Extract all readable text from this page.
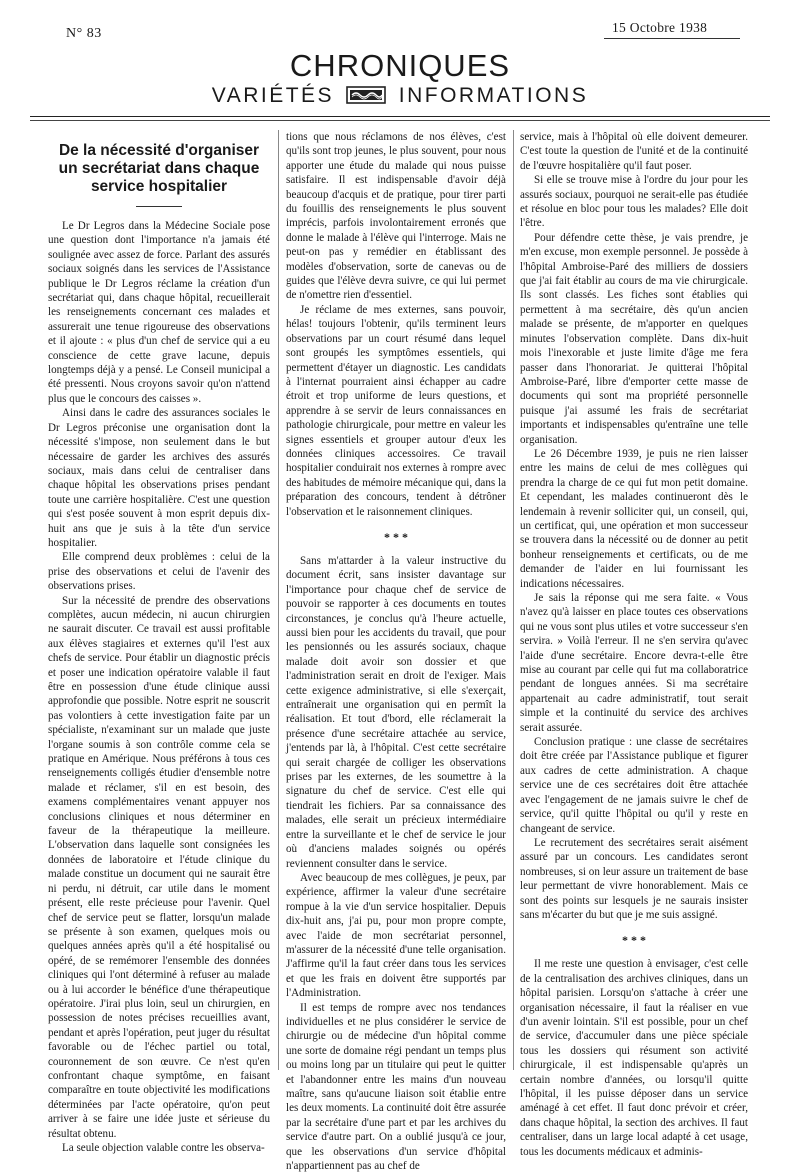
N° 83	15 Octobre 1938
CHRONIQUES
VARIÉTÉS	INFORMATIONS
De la nécessité d'organiser un secrétariat dans chaque service hospitalier

Le Dr Legros dans la Médecine Sociale pose une question dont l'importance n'a jamais été soulignée avec assez de force. Parlant des assurés sociaux soignés dans les services de l'Assistance publique le Dr Legros réclame la création d'un secrétariat qui, dans chaque hôpital, recueillerait les renseignements concernant ces malades et assurerait une tenue rigoureuse des observations et il ajoute : « plus d'un chef de service qui a eu conscience de cette grave lacune, depuis longtemps déjà y a pensé. Le Conseil municipal a été pressenti. Nous croyons savoir qu'on n'attend plus que le concours des caisses ».

Ainsi dans le cadre des assurances sociales le Dr Legros préconise une organisation dont la nécessité s'impose, non seulement dans le but nécessaire de garder les archives des assurés sociaux, mais dans celui de centraliser dans chaque hôpital les observations prises pendant toute une carrière hospitalière. C'est une question qui s'est posée souvent à mon esprit depuis dix-huit ans que je suis à la tête d'un service hospitalier.

Elle comprend deux problèmes : celui de la prise des observations et celui de l'avenir des observations prises.

Sur la nécessité de prendre des observations complètes, aucun médecin, ni aucun chirurgien ne saurait discuter. Ce travail est aussi profitable aux élèves stagiaires et externes qu'il l'est aux chefs de service. Pour établir un diagnostic précis et poser une indication opératoire valable il faut être en possession d'une étude clinique aussi approfondie que possible. Notre esprit ne souscrit pas volontiers à cette investigation faite par un spécialiste, n'examinant sur un malade que juste l'organe soumis à son contrôle comme cela se pratique en Amérique. Nous préférons à tous ces renseignements colligés étudier d'ensemble notre malade et réclamer, s'il en est besoin, des examens complémentaires venant appuyer nos conclusions cliniques et nous déterminer en faveur de la thérapeutique la meilleure. L'observation dans laquelle sont consignées les données de laboratoire et l'étude clinique du malade constitue un document qui ne saurait être ni perdu, ni détruit, car utile dans le moment présent, elle reste précieuse pour l'avenir. Quel chef de service peut se flatter, lorsqu'un malade se présente à son examen, quelques mois ou quelques années après qu'il a été hospitalisé ou opéré, de se remémorer l'ensemble des données cliniques qui l'ont déterminé à refuser au malade ou à lui accorder le bénéfice d'une thérapeutique opératoire. J'irai plus loin, seul un chirurgien, en possession de notes précises recueillies avant, pendant et après l'opération, peut juger du résultat favorable ou de l'échec partiel ou total, couronnement de son œuvre. Ce n'est qu'en confrontant chaque symptôme, en faisant comparaître en toute objectivité les modifications déterminées par l'acte opératoire, qu'on peut arriver à se faire une idée juste et sérieuse du résultat obtenu.

La seule objection valable contre les observa-

tions que nous réclamons de nos élèves, c'est qu'ils sont trop jeunes, le plus souvent, pour nous apporter une étude du malade qui nous puisse satisfaire. Il est indispensable d'avoir déjà beaucoup d'acquis et de pratique, pour tirer parti du fouillis des renseignements le plus souvent imprécis, parfois involontairement erronés que donne le malade à l'élève qui l'interroge. Mais ne peut-on pas y remédier en établissant des modèles d'observation, sorte de canevas ou de guides que l'élève devra suivre, ce qui lui permet de n'omettre rien d'essentiel.

Je réclame de mes externes, sans pouvoir, hélas! toujours l'obtenir, qu'ils terminent leurs observations par un court résumé dans lequel sont groupés les symptômes essentiels, qui permettent d'étayer un diagnostic. Les candidats à l'internat pourraient ainsi échapper au cadre étroit et trop uniforme de leurs questions, et apprendre à se servir de leurs connaissances en pathologie chirurgicale, pour mettre en valeur les signes essentiels et grouper autour d'eux les données cliniques accessoires. Ce travail hospitalier conduirait nos externes à rompre avec des habitudes de mémoire mécanique qui, dans la préparation des concours, tendent à détrôner l'observation et le raisonnement cliniques.

* * *

Sans m'attarder à la valeur instructive du document écrit, sans insister davantage sur l'importance pour chaque chef de service de pouvoir se rapporter à ces documents en toutes circonstances, je conclus qu'à l'heure actuelle, aussi bien pour les accidents du travail, que pour les pensionnés ou les assurés sociaux, chaque malade doit avoir son dossier et que l'administration serait en droit de l'exiger. Mais cette exigence administrative, si elle s'exerçait, entraînerait une organisation qui en permît la réalisation. Et tout d'bord, elle réclamerait la présence d'une secrétaire attachée au service, j'entends par là, à l'hôpital. C'est cette secrétaire qui serait chargée de colliger les observations prises par les externes, de les soumettre à la signature du chef de service. C'est elle qui tiendrait les fichiers. Par sa connaissance des malades, elle serait un précieux intermédiaire entre la surveillante et le chef de service le jour où d'anciens malades soignés ou opérés reviennent consulter dans le service.

Avec beaucoup de mes collègues, je peux, par expérience, affirmer la valeur d'une secrétaire rompue à la vie d'un service hospitalier. Depuis dix-huit ans, j'ai pu, pour mon propre compte, avec l'aide de mon secrétariat personnel, m'assurer de la nécessité d'une telle organisation. J'affirme qu'il la faut créer dans tous les services et que les frais en doivent être supportés par l'Administration.

Il est temps de rompre avec nos tendances individuelles et ne plus considérer le service de chirurgie ou de médecine d'un hôpital comme une sorte de domaine régi pendant un temps plus ou moins long par un titulaire qui peut le quitter et l'abandonner entre les mains d'un nouveau maître, sans qu'aucune liaison soit établie entre les deux moments. La continuité doit être assurée par la secrétaire d'une part et par les archives du service d'autre part. On a oublié jusqu'à ce jour, que les observations d'un service d'hôpital n'appartiennent pas au chef de

service, mais à l'hôpital où elle doivent demeurer. C'est toute la question de l'unité et de la continuité de l'œuvre hospitalière qu'il faut poser.

Si elle se trouve mise à l'ordre du jour pour les assurés sociaux, pourquoi ne serait-elle pas étudiée et résolue en bloc pour tous les malades? Elle doit l'être.

Pour défendre cette thèse, je vais prendre, je m'en excuse, mon exemple personnel. Je possède à l'hôpital Ambroise-Paré des milliers de dossiers que j'ai fait établir au cours de ma vie chirurgicale. Ils sont classés. Les fiches sont établies qui permettent à ma secrétaire, dès qu'un ancien malade se présente, de m'apporter en quelques minutes l'observation complète. Dans dix-huit mois l'inexorable et juste limite d'âge me fera passer dans l'honorariat. Je quitterai l'hôpital Ambroise-Paré, libre d'emporter cette masse de documents qui sont ma propriété personnelle puisque j'ai assumé les frais de secrétariat importants et indispensables qu'entraîne une telle organisation.

Le 26 Décembre 1939, je puis ne rien laisser entre les mains de celui de mes collègues qui prendra la charge de ce qui fut mon petit domaine. Et cependant, les malades continueront dès le lendemain à revenir solliciter qui, un conseil, qui, un certificat, qui, une opération et mon successeur se trouvera dans la nécessité ou de donner au petit bonheur renseignements et certificats, ou de me demander de l'aider en lui fournissant les indications nécessaires.

Je sais la réponse qui me sera faite. « Vous n'avez qu'à laisser en place toutes ces observations qui ne vous sont plus utiles et votre successeur s'en servira. » Voilà l'erreur. Il ne s'en servira qu'avec l'aide d'une secrétaire. Encore devra-t-elle être mise au courant par celle qui fut ma collaboratrice pendant de longues années. Si ma secrétaire appartenait au cadre administratif, tout serait simple et la continuité du service des archives serait assurée.

Conclusion pratique : une classe de secrétaires doit être créée par l'Assistance publique et figurer aux cadres de cette administration. A chaque service une de ces secrétaires doit être attachée avec l'engagement de ne jamais suivre le chef de service, qu'il quitte l'hôpital ou qu'il y reste en changeant de service.

Le recrutement des secrétaires serait aisément assuré par un concours. Les candidates seront nombreuses, si on leur assure un traitement de base leur permettant de vivre honorablement. Mais ce sont des points sur lesquels je ne saurais insister sans m'écarter du but que je me suis assigné.

* * *

Il me reste une question à envisager, c'est celle de la centralisation des archives cliniques, dans un hôpital parisien. Lorsqu'on s'attache à créer une organisation nécessaire, il faut la réaliser en vue d'un avenir lointain. S'il est possible, pour un chef de service, d'accumuler dans une pièce spéciale tous les dossiers qui résument son activité chirurgicale, il est indispensable qu'après un certain nombre d'années, ou lorsqu'il quitte l'hôpital, il les puisse déposer dans un service aménagé à cet effet. Il faut donc prévoir et créer, dans chaque hôpital, la section des archives. Il faut centraliser, dans un large local adapté à cet usage, tous les documents médicaux et adminis-
